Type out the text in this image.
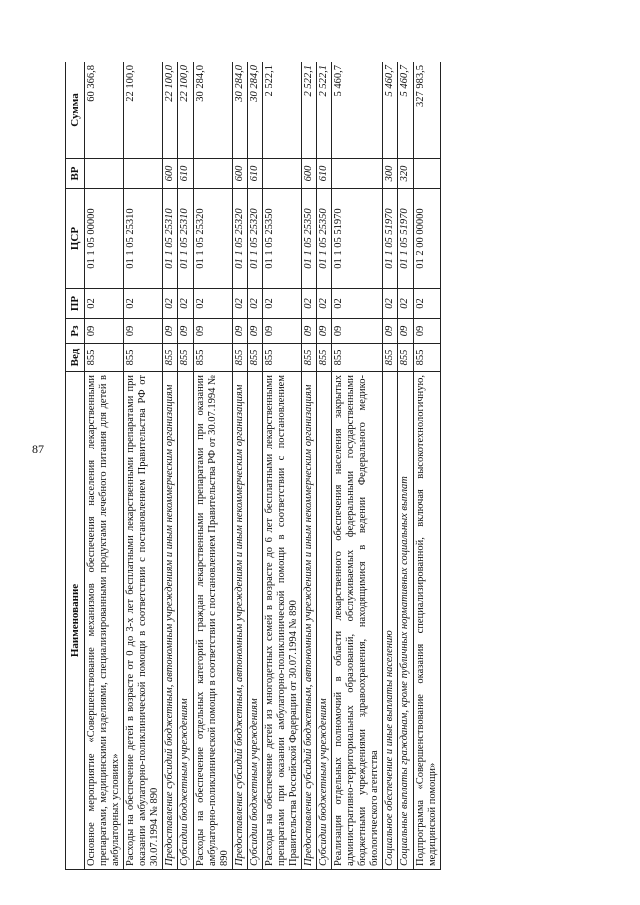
87
Наименование	Вед	Рз	ПР	ЦСР	ВР	Сумма
Основное мероприятие «Совершенствование механизмов обеспечения населения лекарственными препаратами, медицинскими изделиями, специализированными продуктами лечебного питания для детей в амбулаторных условиях»	855	09	02	01 1 05 00000		60 366,8
Расходы на обеспечение детей в возрасте от 0 до 3-х лет бесплатными лекарственными препаратами при оказании амбулаторно-поликлинической помощи в соответствии с постановлением Правительства РФ от 30.07.1994 № 890	855	09	02	01 1 05 25310		22 100,0
Предоставление субсидий бюджетным, автономным учреждениям и иным некоммерческим организациям	855	09	02	01 1 05 25310	600	22 100,0
Субсидии бюджетным учреждениям	855	09	02	01 1 05 25310	610	22 100,0
Расходы на обеспечение отдельных категорий граждан лекарственными препаратами при оказании амбулаторно-поликлинической помощи в соответствии с постановлением Правительства РФ от 30.07.1994 № 890	855	09	02	01 1 05 25320		30 284,0
Предоставление субсидий бюджетным, автономным учреждениям и иным некоммерческим организациям	855	09	02	01 1 05 25320	600	30 284,0
Субсидии бюджетным учреждениям	855	09	02	01 1 05 25320	610	30 284,0
Расходы на обеспечение детей из многодетных семей в возрасте до 6 лет бесплатными лекарственными препаратами при оказании амбулаторно-поликлинической помощи в соответствии с постановлением Правительства Российской Федерации от 30.07.1994 № 890	855	09	02	01 1 05 25350		2 522,1
Предоставление субсидий бюджетным, автономным учреждениям и иным некоммерческим организациям	855	09	02	01 1 05 25350	600	2 522,1
Субсидии бюджетным учреждениям	855	09	02	01 1 05 25350	610	2 522,1
Реализация отдельных полномочий в области лекарственного обеспечения населения закрытых административно-территориальных образований, обслуживаемых федеральными государственными бюджетными учреждениями здравоохранения, находящимися в ведении Федерального медико-биологического агентства	855	09	02	01 1 05 51970		5 460,7
Социальное обеспечение и иные выплаты населению	855	09	02	01 1 05 51970	300	5 460,7
Социальные выплаты гражданам, кроме публичных нормативных социальных выплат	855	09	02	01 1 05 51970	320	5 460,7
Подпрограмма «Совершенствование оказания специализированной, включая высокотехнологичную, медицинской помощи»	855	09	02	01 2 00 00000		327 983,5
